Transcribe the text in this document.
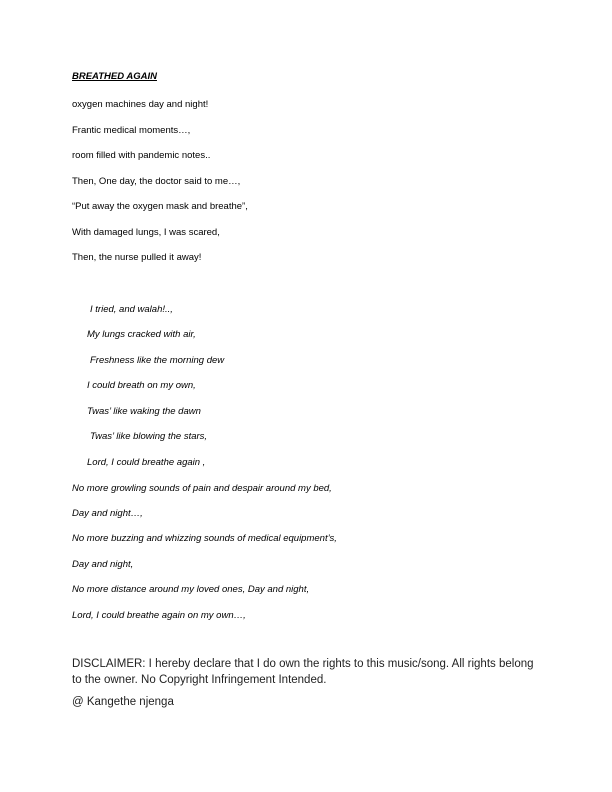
BREATHED AGAIN
oxygen machines day and night!
Frantic medical moments…,
room filled with pandemic notes..
Then, One day, the doctor said to me…,
“Put away the oxygen mask and breathe”,
With damaged lungs, I was scared,
Then, the nurse pulled it away!
I tried, and walah!..,
My lungs cracked with air,
Freshness like the morning dew
I could breath on my own,
Twas’ like waking the dawn
Twas’ like blowing the stars,
Lord, I could breathe again ,
No more growling sounds of pain and despair around my bed,
Day and night…,
No more buzzing and whizzing sounds of medical equipment’s,
Day and night,
No more distance around my loved ones, Day and night,
Lord, I could breathe again on my own…,
DISCLAIMER: I hereby declare that I do own the rights to this music/song. All rights belong to the owner. No Copyright Infringement Intended.
@ Kangethe njenga
